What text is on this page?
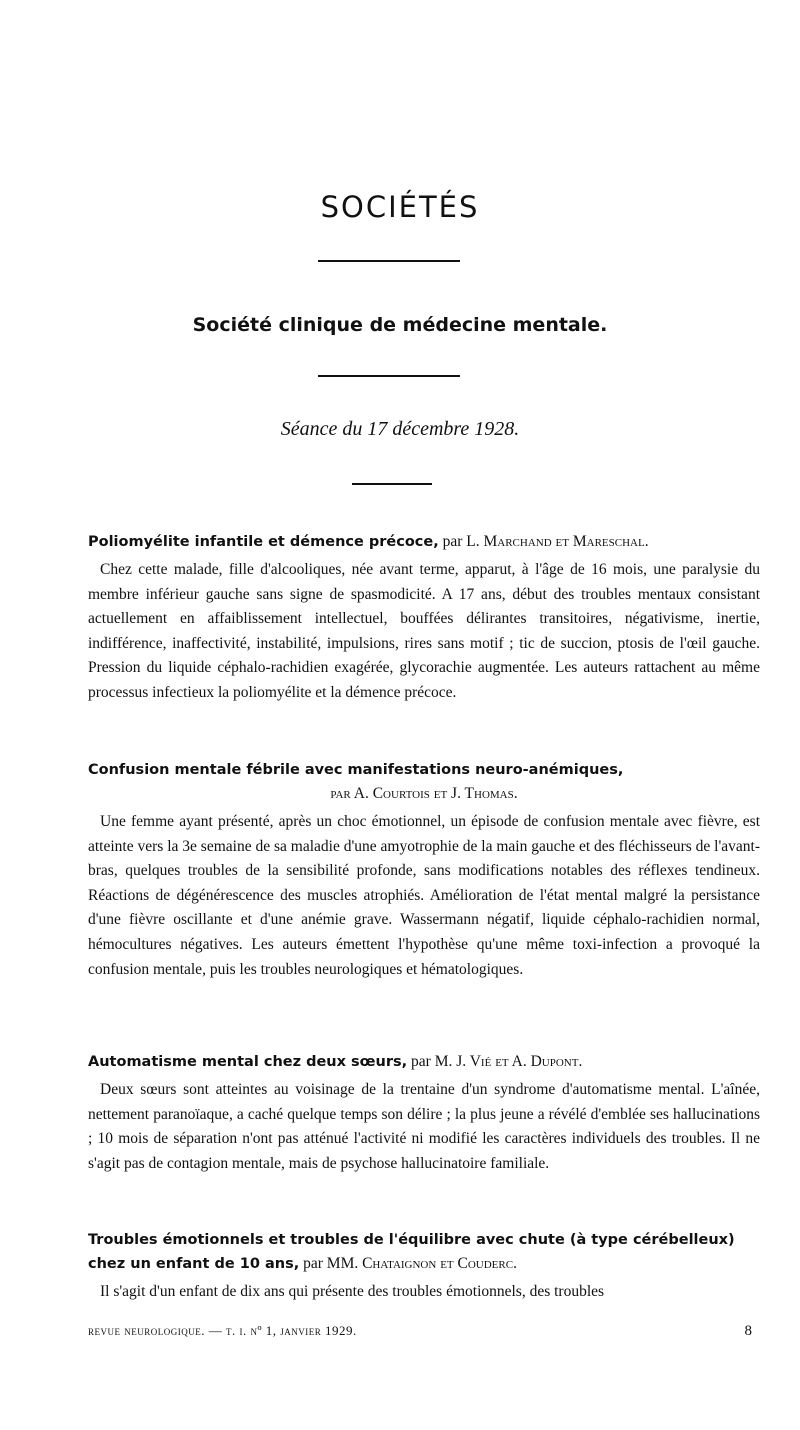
SOCIÉTÉS
Société clinique de médecine mentale.
Séance du 17 décembre 1928.

Poliomyélite infantile et démence précoce, par L. Marchand et Mareschal.

Chez cette malade, fille d'alcooliques, née avant terme, apparut, à l'âge de 16 mois, une paralysie du membre inférieur gauche sans signe de spasmodicité. A 17 ans, début des troubles mentaux consistant actuellement en affaiblissement intellectuel, bouffées délirantes transitoires, négativisme, inertie, indifférence, inaffectivité, instabilité, impulsions, rires sans motif ; tic de succion, ptosis de l'œil gauche. Pression du liquide céphalo-rachidien exagérée, glycorachie augmentée. Les auteurs rattachent au même processus infectieux la poliomyélite et la démence précoce.

Confusion mentale fébrile avec manifestations neuro-anémiques,

par A. Courtois et J. Thomas.

Une femme ayant présenté, après un choc émotionnel, un épisode de confusion mentale avec fièvre, est atteinte vers la 3e semaine de sa maladie d'une amyotrophie de la main gauche et des fléchisseurs de l'avant-bras, quelques troubles de la sensibilité profonde, sans modifications notables des réflexes tendineux. Réactions de dégénérescence des muscles atrophiés. Amélioration de l'état mental malgré la persistance d'une fièvre oscillante et d'une anémie grave. Wassermann négatif, liquide céphalo-rachidien normal, hémocultures négatives. Les auteurs émettent l'hypothèse qu'une même toxi-infection a provoqué la confusion mentale, puis les troubles neurologiques et hématologiques.

Automatisme mental chez deux sœurs, par M. J. Vié et A. Dupont.

Deux sœurs sont atteintes au voisinage de la trentaine d'un syndrome d'automatisme mental. L'aînée, nettement paranoïaque, a caché quelque temps son délire ; la plus jeune a révélé d'emblée ses hallucinations ; 10 mois de séparation n'ont pas atténué l'activité ni modifié les caractères individuels des troubles. Il ne s'agit pas de contagion mentale, mais de psychose hallucinatoire familiale.

Troubles émotionnels et troubles de l'équilibre avec chute (à type cérébelleux) chez un enfant de 10 ans, par MM. Chataignon et Couderc.

Il s'agit d'un enfant de dix ans qui présente des troubles émotionnels, des troubles

revue neurologique. — t. i. nº 1, janvier 1929.	8
